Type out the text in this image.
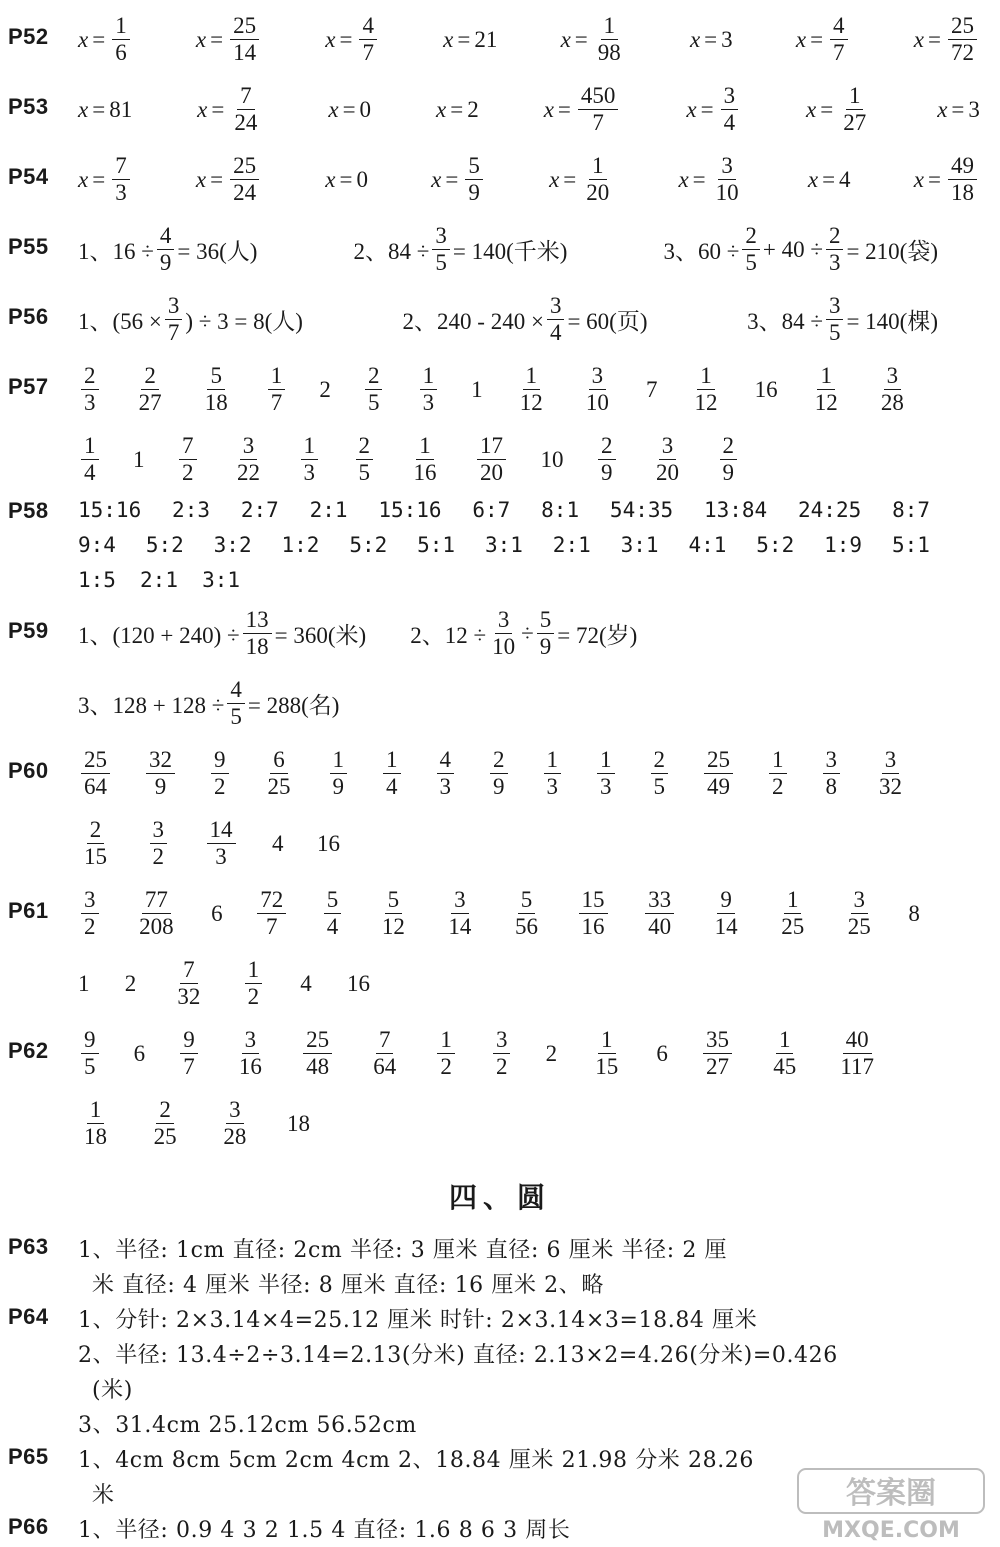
P52 $x = \frac{1}{6}$	$x = \frac{25}{14}$	$x = \frac{4}{7}$	x = 21	$x = \frac{1}{98}$	x = 3	$x = \frac{4}{7}$	$x = \frac{25}{72}$
P53 x = 81	$x = \frac{7}{24}$	x = 0	x = 2	$x = \frac{450}{7}$	$x = \frac{3}{4}$	$x = \frac{1}{27}$	x = 3
P54 $x = \frac{7}{3}$	$x = \frac{25}{24}$	x = 0	$x = \frac{5}{9}$	$x = \frac{1}{20}$	$x = \frac{3}{10}$	x = 4	$x = \frac{49}{18}$
P55 1、$16 \div \frac{4}{9} = 36$(人)	2、$84 \div \frac{3}{5} = 140$(千米)	3、$60 \div \frac{2}{5} + 40 \div \frac{2}{3} = 210$(袋)
P56 1、($56 \times \frac{3}{7}$ ) ÷ 3 = 8(人)	2、$240 - 240 \times \frac{3}{4} = 60$(页)	3、$84 \div \frac{3}{5} = 140$(棵)
$P57 \frac{2}{3} \frac{2}{27} \frac{5}{18} \frac{1}{7} 2 \frac{2}{5} \frac{1}{3} 1 \frac{1}{12} \frac{3}{10} 7 \frac{1}{12} 16 \frac{1}{12} \frac{3}{28}$
$\frac{1}{4} 1 \frac{7}{2} \frac{3}{22} \frac{1}{3} \frac{2}{5} \frac{1}{16} \frac{17}{20} 10 \frac{2}{9} \frac{3}{20} \frac{2}{9}$
P58 15:16 2:3 2:7 2:1 15:16 6:7 8:1 54:35 13:84 24:25 8:7
9:4 5:2 3:2 1:2 5:2 5:1 3:1 2:1 3:1 4:1 5:2 1:9 5:1
1:5 2:1 3:1
P59 1、$(120 + 240) \div \frac{13}{18} = 360$(米) 2、$12 \div \frac{3}{10} \div \frac{5}{9} = 72$(岁)
3、$128 + 128 \div \frac{4}{5} = 288$(名)
$P60 \frac{25}{64} \frac{32}{9} \frac{9}{2} \frac{6}{25} \frac{1}{9} \frac{1}{4} \frac{4}{3} \frac{2}{9} \frac{1}{3} \frac{1}{3} \frac{2}{5} \frac{25}{49} \frac{1}{2} \frac{3}{8} \frac{3}{32}$
$\frac{2}{15} \frac{3}{2} \frac{14}{3} 4$ 16
$P61 \frac{3}{2} \frac{77}{208} 6 \frac{72}{7} \frac{5}{4} \frac{5}{12} \frac{3}{14} \frac{5}{56} \frac{15}{16} \frac{33}{40} \frac{9}{14} \frac{1}{25} \frac{3}{25} 8$
1 $2 \frac{7}{32} \frac{1}{2} 4$ 16
$P62 \frac{9}{5} 6 \frac{9}{7} \frac{3}{16} \frac{25}{48} \frac{7}{64} \frac{1}{2} \frac{3}{2} 2 \frac{1}{15} 6 \frac{35}{27} \frac{1}{45} \frac{40}{117}$
$\frac{1}{18} \frac{2}{25} \frac{3}{28} 18$
四、圆
P63 1、半径: 1cm 直径: 2cm 半径: 3 厘米 直径: 6 厘米 半径: 2 厘
米 直径: 4 厘米 半径: 8 厘米 直径: 16 厘米 2、略
P64 1、分针: 2×3.14×4=25.12 厘米 时针: 2×3.14×3=18.84 厘米
2、半径: 13.4÷2÷3.14=2.13(分米) 直径: 2.13×2=4.26(分米)=0.426
(米)
3、31.4cm 25.12cm 56.52cm
P65 1、4cm 8cm 5cm 2cm 4cm 2、18.84 厘米 21.98 分米 28.26
米
P66 1、半径: 0.9 4 3 2 1.5 4 直径: 1.6 8 6 3 周长
答案圈
MXQE.COM
